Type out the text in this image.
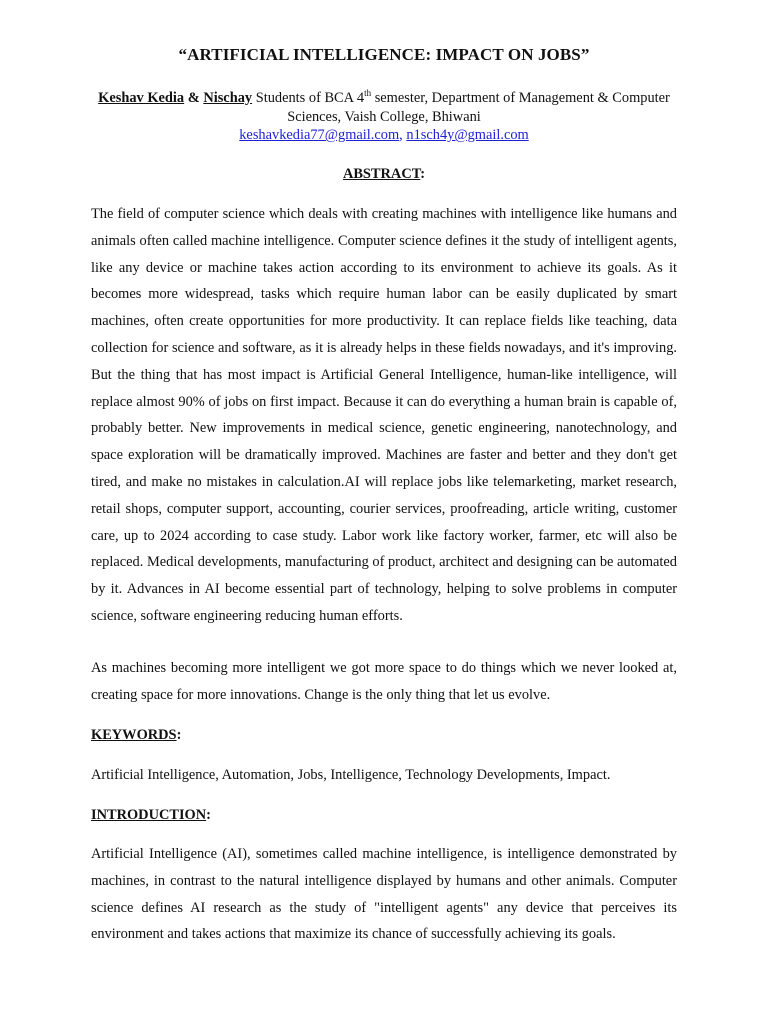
“ARTIFICIAL INTELLIGENCE: IMPACT ON JOBS”
Keshav Kedia & Nischay Students of BCA 4th semester, Department of Management & Computer Sciences, Vaish College, Bhiwani
keshavkedia77@gmail.com, n1sch4y@gmail.com
ABSTRACT:

The field of computer science which deals with creating machines with intelligence like humans and animals often called machine intelligence. Computer science defines it the study of intelligent agents, like any device or machine takes action according to its environment to achieve its goals. As it becomes more widespread, tasks which require human labor can be easily duplicated by smart machines, often create opportunities for more productivity. It can replace fields like teaching, data collection for science and software, as it is already helps in these fields nowadays, and it's improving. But the thing that has most impact is Artificial General Intelligence, human-like intelligence, will replace almost 90% of jobs on first impact. Because it can do everything a human brain is capable of, probably better. New improvements in medical science, genetic engineering, nanotechnology, and space exploration will be dramatically improved. Machines are faster and better and they don't get tired, and make no mistakes in calculation.AI will replace jobs like telemarketing, market research, retail shops, computer support, accounting, courier services, proofreading, article writing, customer care, up to 2024 according to case study. Labor work like factory worker, farmer, etc will also be replaced. Medical developments, manufacturing of product, architect and designing can be automated by it. Advances in AI become essential part of technology, helping to solve problems in computer science, software engineering reducing human efforts.

As machines becoming more intelligent we got more space to do things which we never looked at, creating space for more innovations. Change is the only thing that let us evolve.

KEYWORDS:

Artificial Intelligence, Automation, Jobs, Intelligence, Technology Developments, Impact.

INTRODUCTION:

Artificial Intelligence (AI), sometimes called machine intelligence, is intelligence demonstrated by machines, in contrast to the natural intelligence displayed by humans and other animals. Computer science defines AI research as the study of "intelligent agents" any device that perceives its environment and takes actions that maximize its chance of successfully achieving its goals.
